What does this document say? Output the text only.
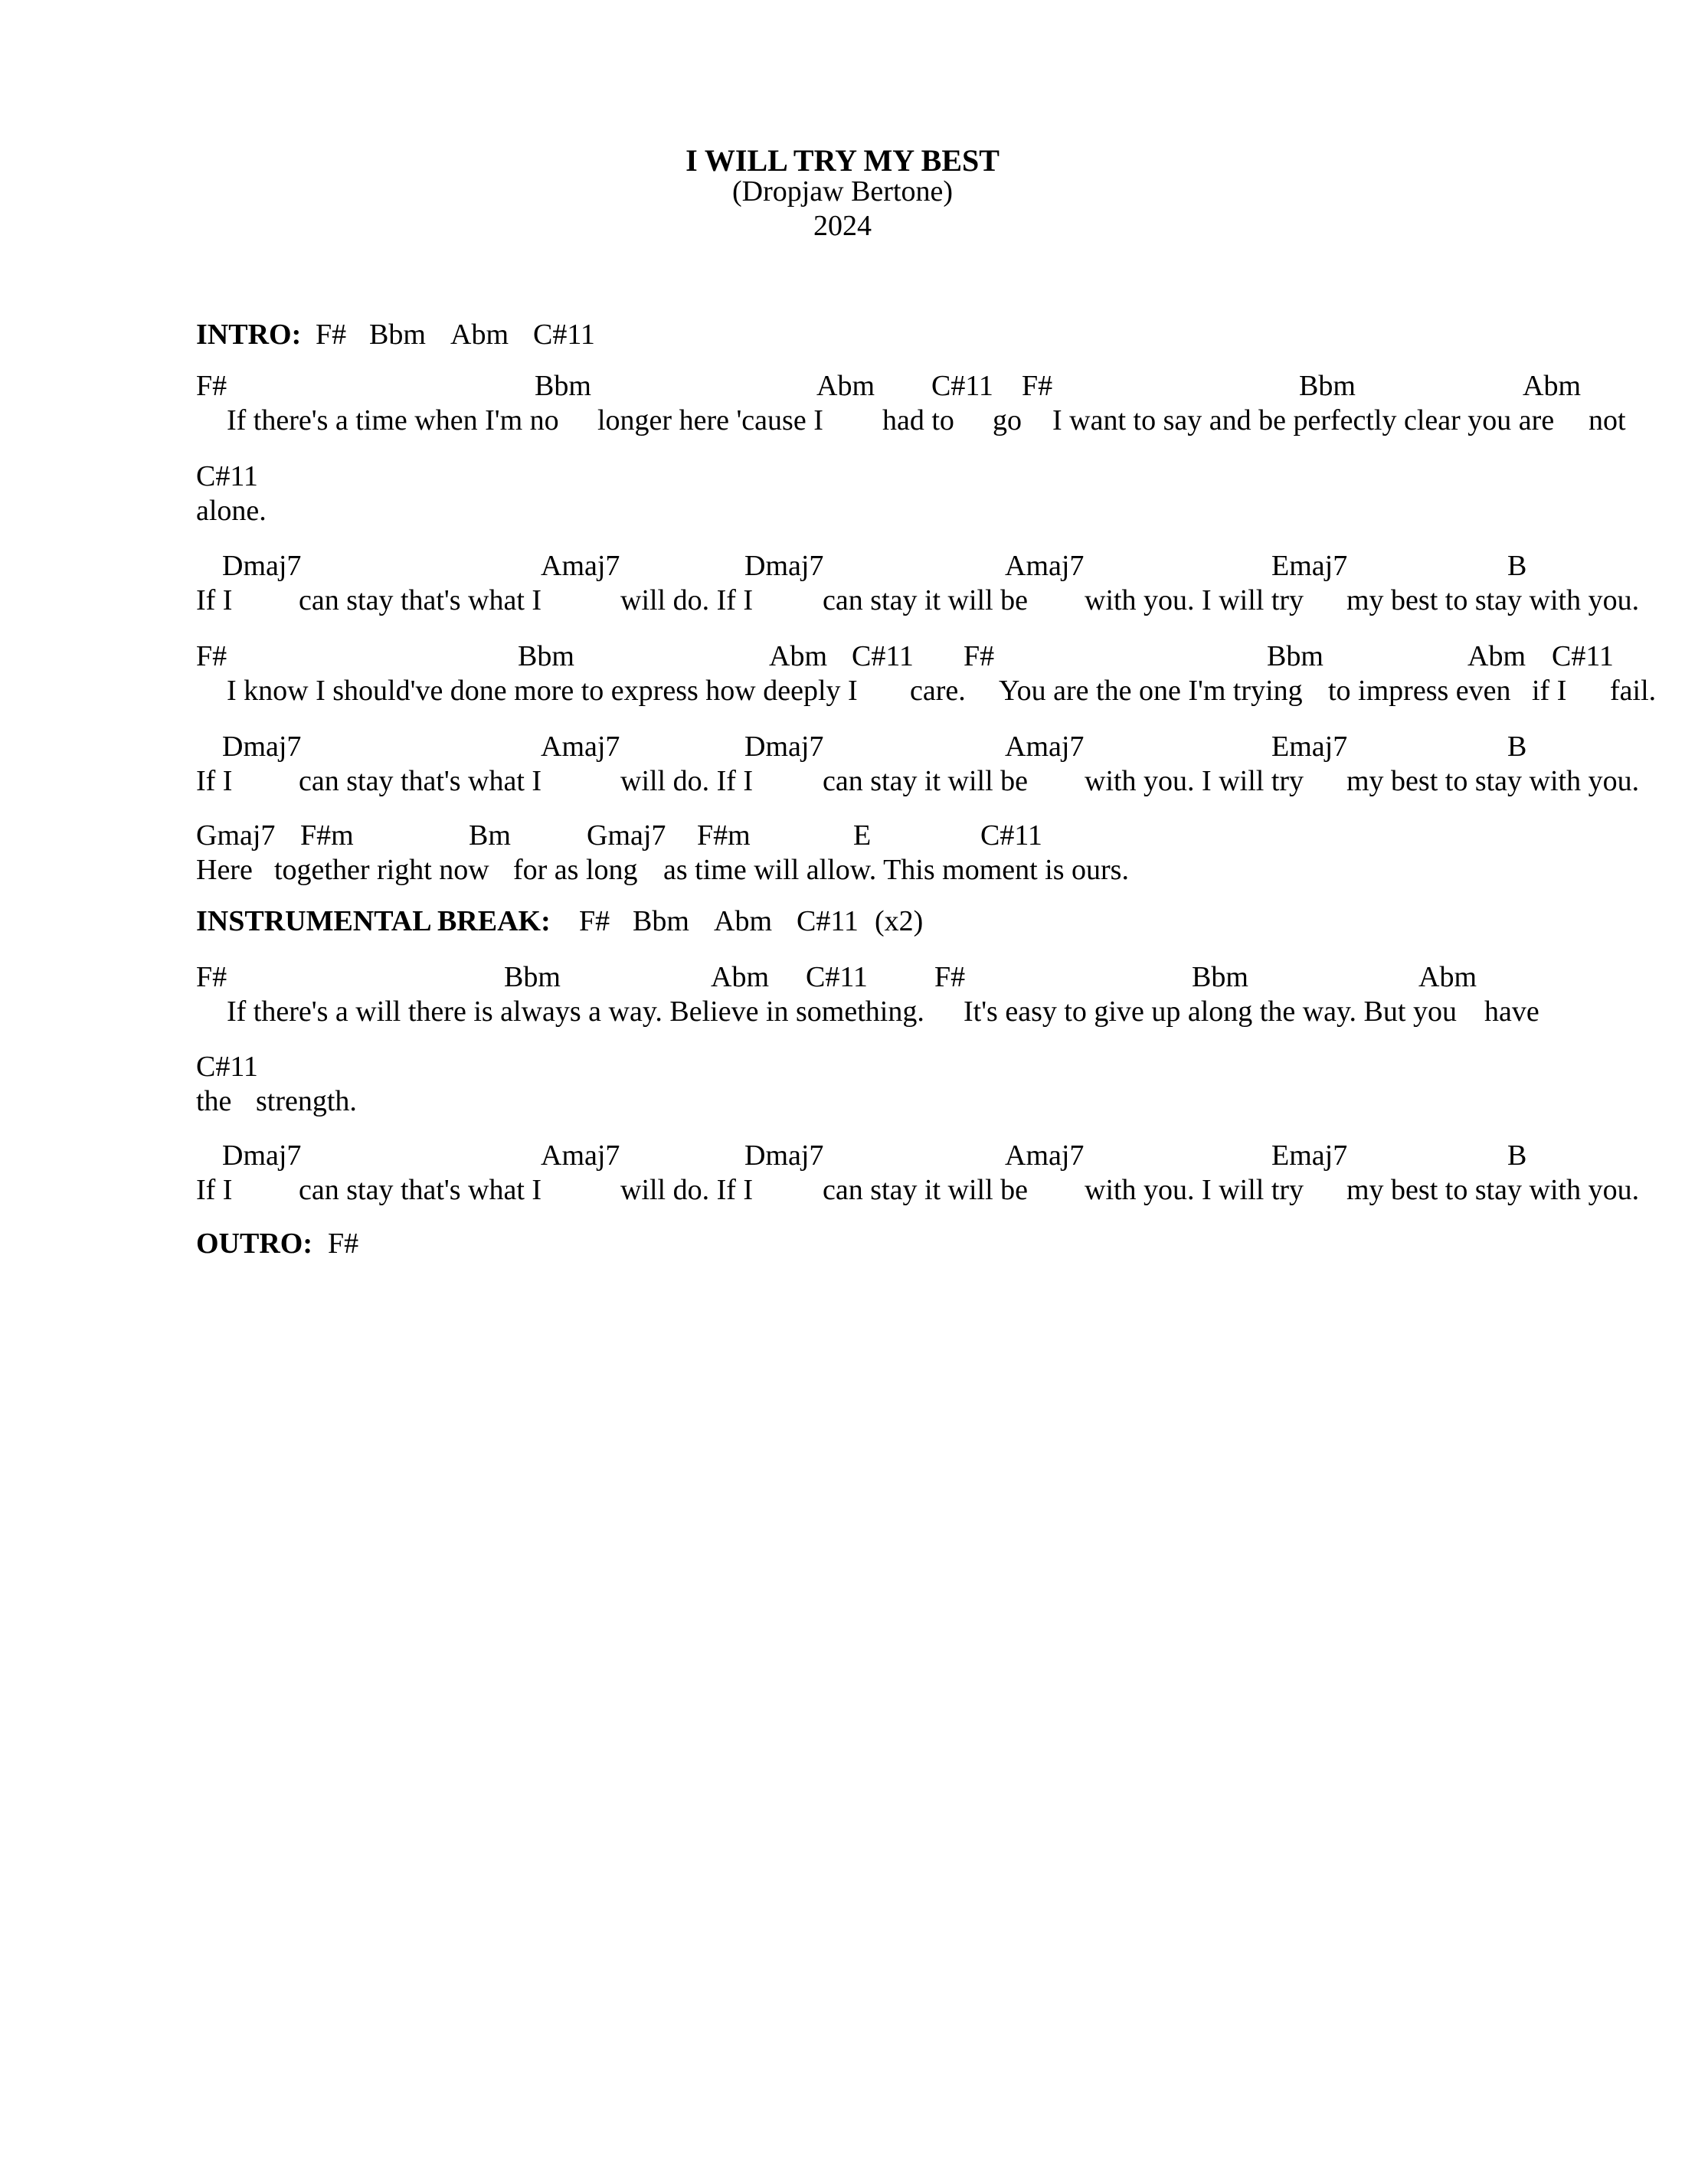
I WILL TRY MY BEST
(Dropjaw Bertone)
2024
INTRO: F# Bbm Abm C#11
F#	Bbm	Abm C#11 F#	Bbm	Abm
If there's a time when I'm no longer here 'cause I had to go I want to say and be perfectly clear you are not
C#11
alone.
Dmaj7	Amaj7	Dmaj7	Amaj7	Emaj7	B
If I can stay that's what I	will do. If I can stay it will be with you. I will try my best to stay with you.
F#	Bbm	Abm C#11 F#	Bbm	Abm C#11
I know I should've done more to express how deeply I care. You are the one I'm trying to impress even if I fail.
Dmaj7	Amaj7	Dmaj7	Amaj7	Emaj7	B
If I can stay that's what I	will do. If I can stay it will be with you. I will try my best to stay with you.
Gmaj7 F#m	Bm	Gmaj7 F#m	E	C#11
Here together right now for as long as time will allow. This moment is ours.
INSTRUMENTAL BREAK: F# Bbm Abm C#11 (x2)
F#	Bbm	Abm C#11 F#	Bbm	Abm
If there's a will there is always a way. Believe in something. It's easy to give up along the way. But you have
C#11
the strength.
Dmaj7	Amaj7	Dmaj7	Amaj7	Emaj7	B
If I can stay that's what I	will do. If I can stay it will be with you. I will try my best to stay with you.
OUTRO: F#
